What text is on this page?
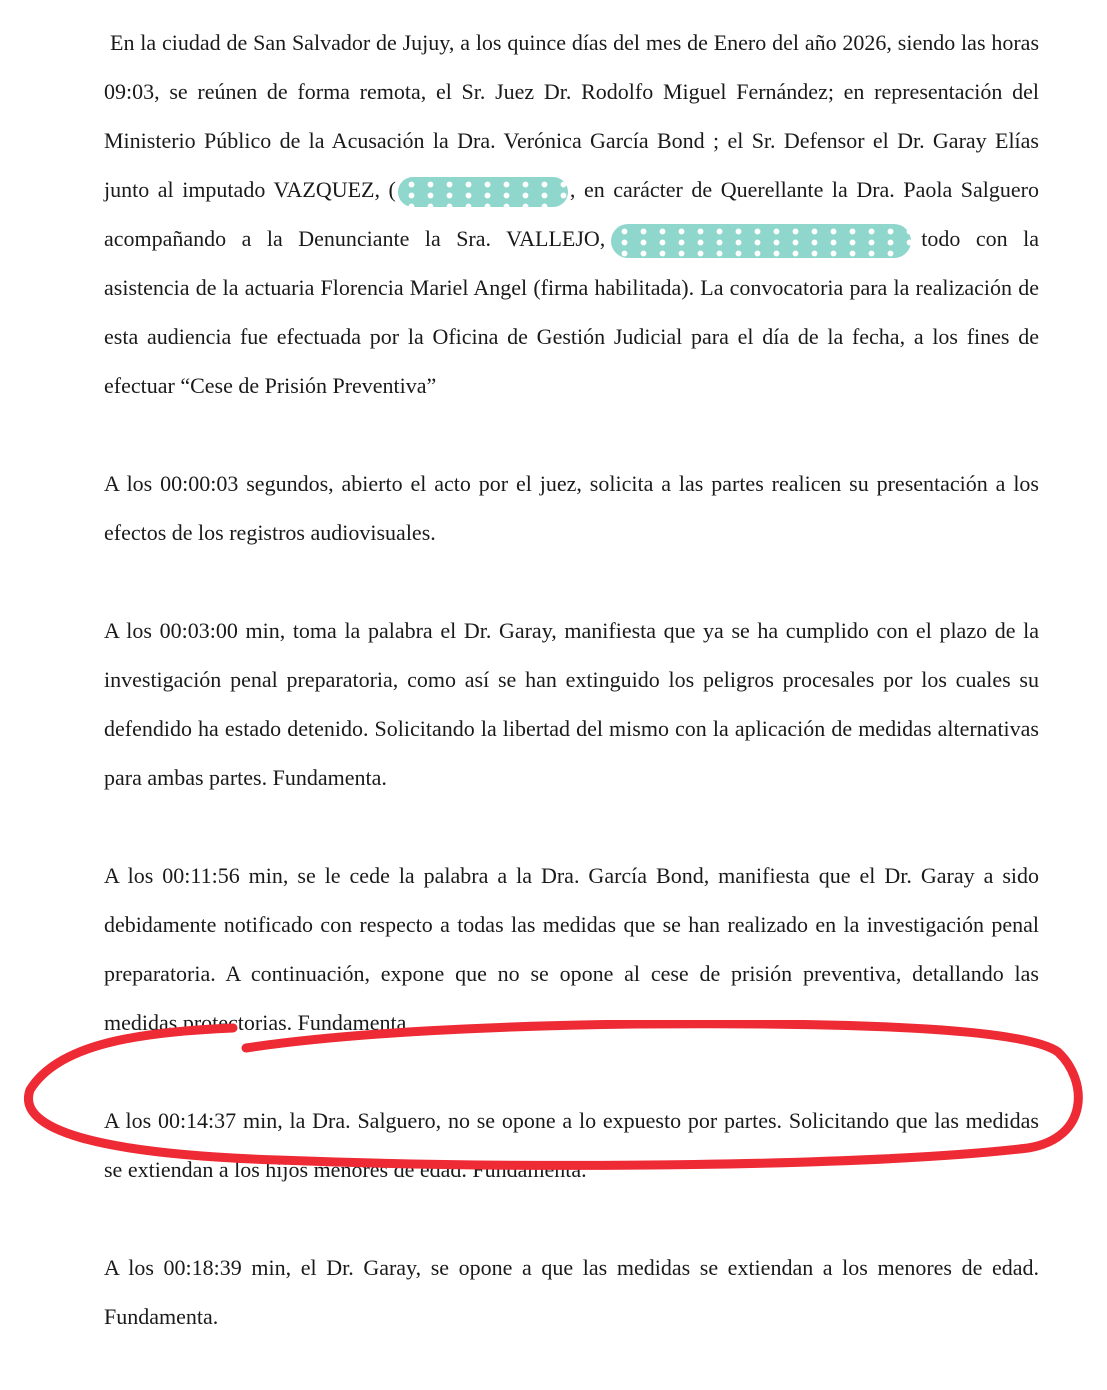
En la ciudad de San Salvador de Jujuy, a los quince días del mes de Enero del año 2026, siendo las horas 09:03, se reúnen de forma remota, el Sr. Juez Dr. Rodolfo Miguel Fernández; en representación del Ministerio Público de la Acusación la Dra. Verónica García Bond ; el Sr. Defensor el Dr. Garay Elías junto al imputado VAZQUEZ, (	, en carácter de Querellante la Dra. Paola Salguero acompañando a la Denunciante la Sra. VALLEJO,	todo con la asistencia de la actuaria Florencia Mariel Angel (firma habilitada). La convocatoria para la realización de esta audiencia fue efectuada por la Oficina de Gestión Judicial para el día de la fecha, a los fines de efectuar “Cese de Prisión Preventiva”

A los 00:00:03 segundos, abierto el acto por el juez, solicita a las partes realicen su presentación a los efectos de los registros audiovisuales.

A los 00:03:00 min, toma la palabra el Dr. Garay, manifiesta que ya se ha cumplido con el plazo de la investigación penal preparatoria, como así se han extinguido los peligros procesales por los cuales su defendido ha estado detenido. Solicitando la libertad del mismo con la aplicación de medidas alternativas para ambas partes. Fundamenta.

A los 00:11:56 min, se le cede la palabra a la Dra. García Bond, manifiesta que el Dr. Garay a sido debidamente notificado con respecto a todas las medidas que se han realizado en la investigación penal preparatoria. A continuación, expone que no se opone al cese de prisión preventiva, detallando las medidas protectorias. Fundamenta.

A los 00:14:37 min, la Dra. Salguero, no se opone a lo expuesto por partes. Solicitando que las medidas se extiendan a los hijos menores de edad. Fundamenta.

A los 00:18:39 min, el Dr. Garay, se opone a que las medidas se extiendan a los menores de edad. Fundamenta.
